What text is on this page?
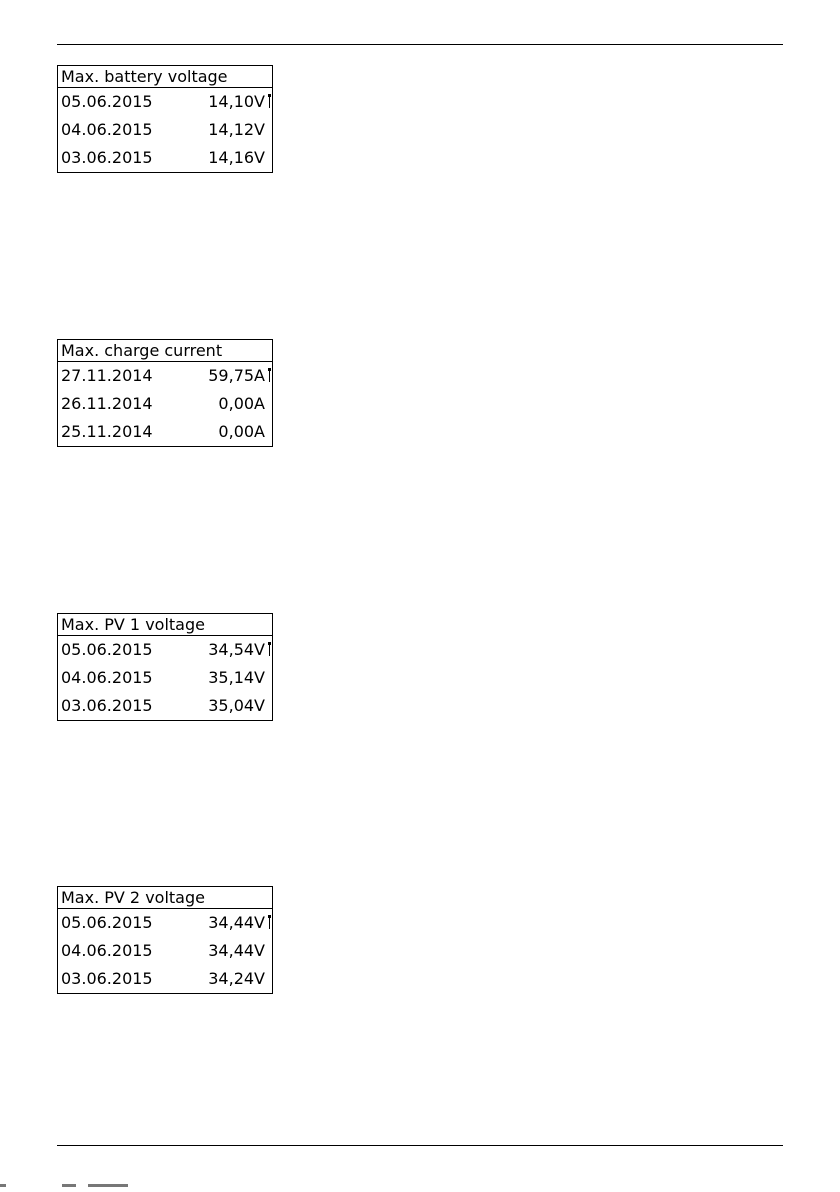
Max. battery voltage
05.06.2015	14,10V
04.06.2015	14,12V
03.06.2015	14,16V
Max. charge current
27.11.2014	59,75A
26.11.2014	0,00A
25.11.2014	0,00A
Max. PV 1 voltage
05.06.2015	34,54V
04.06.2015	35,14V
03.06.2015	35,04V
Max. PV 2 voltage
05.06.2015	34,44V
04.06.2015	34,44V
03.06.2015	34,24V
